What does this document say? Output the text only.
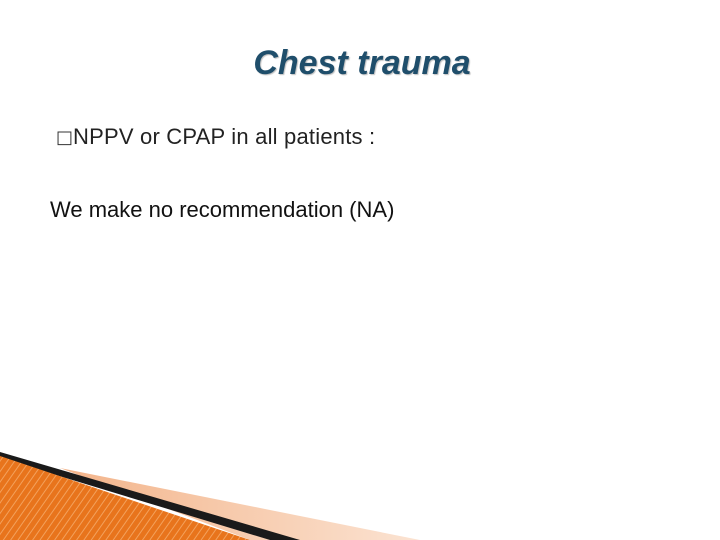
Chest trauma
□NPPV or CPAP in all patients :
We make no recommendation (NA)
